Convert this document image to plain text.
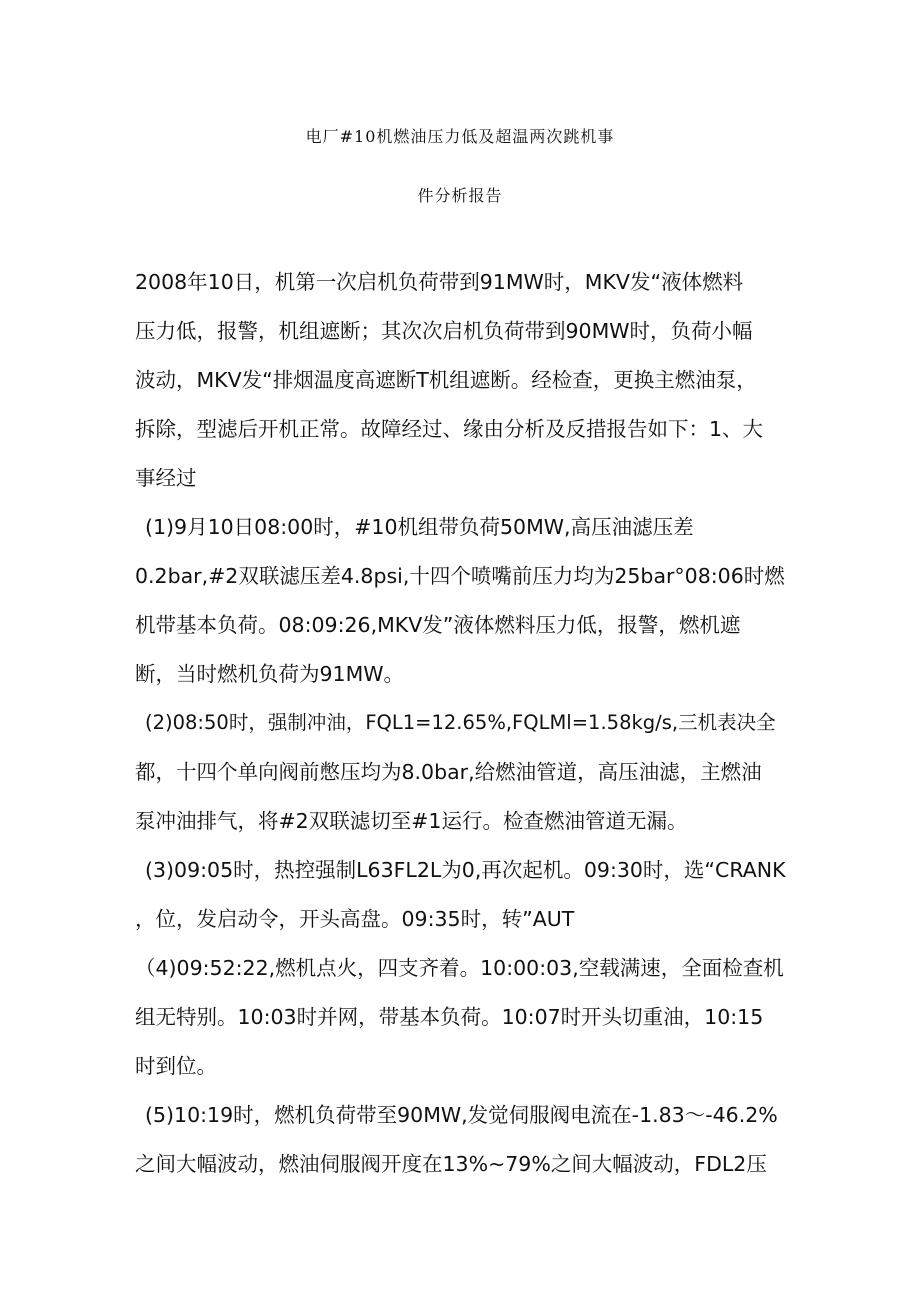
电厂#10机燃油压力低及超温两次跳机事
件分析报告
2008年10日，机第一次启机负荷带到91MW时，MKV发“液体燃料
压力低，报警，机组遮断；其次次启机负荷带到90MW时，负荷小幅
波动，MKV发“排烟温度高遮断T机组遮断。经检查，更换主燃油泵，
拆除，型滤后开机正常。故障经过、缘由分析及反措报告如下：1、大
事经过
(1)9月10日08:00时，#10机组带负荷50MW,高压油滤压差
0.2bar,#2双联滤压差4.8psi,十四个喷嘴前压力均为25bar°08:06时燃
机带基本负荷。08:09:26,MKV发”液体燃料压力低，报警，燃机遮
断，当时燃机负荷为91MW。
(2)08:50时，强制冲油，FQL1=12.65%,FQLMl=1.58kg∕s,三机表决全
都，十四个单向阀前憋压均为8.0bar,给燃油管道，高压油滤，主燃油
泵冲油排气，将#2双联滤切至#1运行。检查燃油管道无漏。
(3)09:05时，热控强制L63FL2L为0,再次起机。09:30时，选“CRANK
，位，发启动令，开头高盘。09:35时，转”AUT
（4)09:52:22,燃机点火，四支齐着。10:00:03,空载满速，全面检查机
组无特别。10:03时并网，带基本负荷。10:07时开头切重油，10:15
时到位。
(5)10:19时，燃机负荷带至90MW,发觉伺服阀电流在-1.83～-46.2%
之间大幅波动，燃油伺服阀开度在13%~79%之间大幅波动，FDL2压
